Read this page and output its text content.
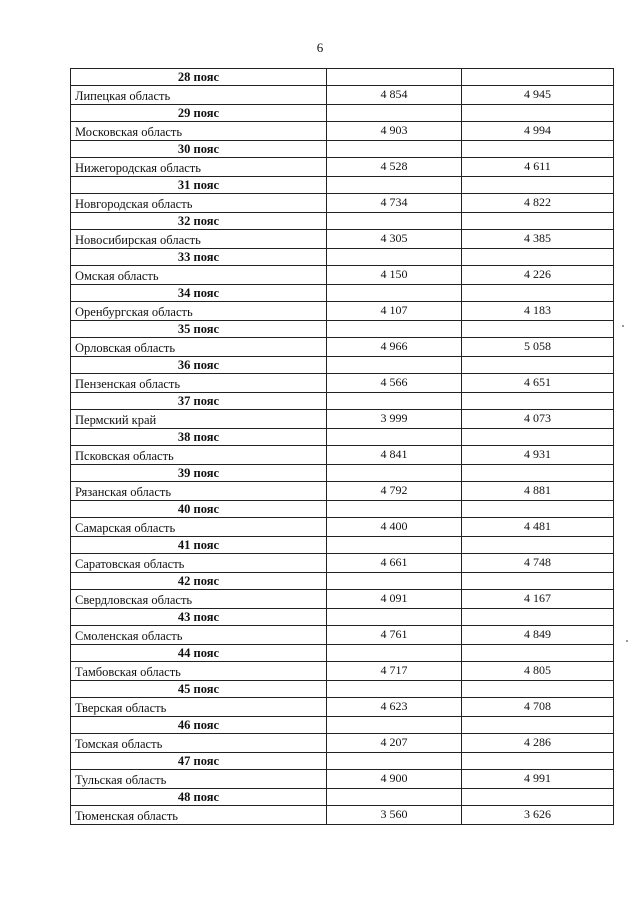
6
28 пояс		
Липецкая область	4 854	4 945
29 пояс		
Московская область	4 903	4 994
30 пояс		
Нижегородская область	4 528	4 611
31 пояс		
Новгородская область	4 734	4 822
32 пояс		
Новосибирская область	4 305	4 385
33 пояс		
Омская область	4 150	4 226
34 пояс		
Оренбургская область	4 107	4 183
35 пояс		
Орловская область	4 966	5 058
36 пояс		
Пензенская область	4 566	4 651
37 пояс		
Пермский край	3 999	4 073
38 пояс		
Псковская область	4 841	4 931
39 пояс		
Рязанская область	4 792	4 881
40 пояс		
Самарская область	4 400	4 481
41 пояс		
Саратовская область	4 661	4 748
42 пояс		
Свердловская область	4 091	4 167
43 пояс		
Смоленская область	4 761	4 849
44 пояс		
Тамбовская область	4 717	4 805
45 пояс		
Тверская область	4 623	4 708
46 пояс		
Томская область	4 207	4 286
47 пояс		
Тульская область	4 900	4 991
48 пояс		
Тюменская область	3 560	3 626
